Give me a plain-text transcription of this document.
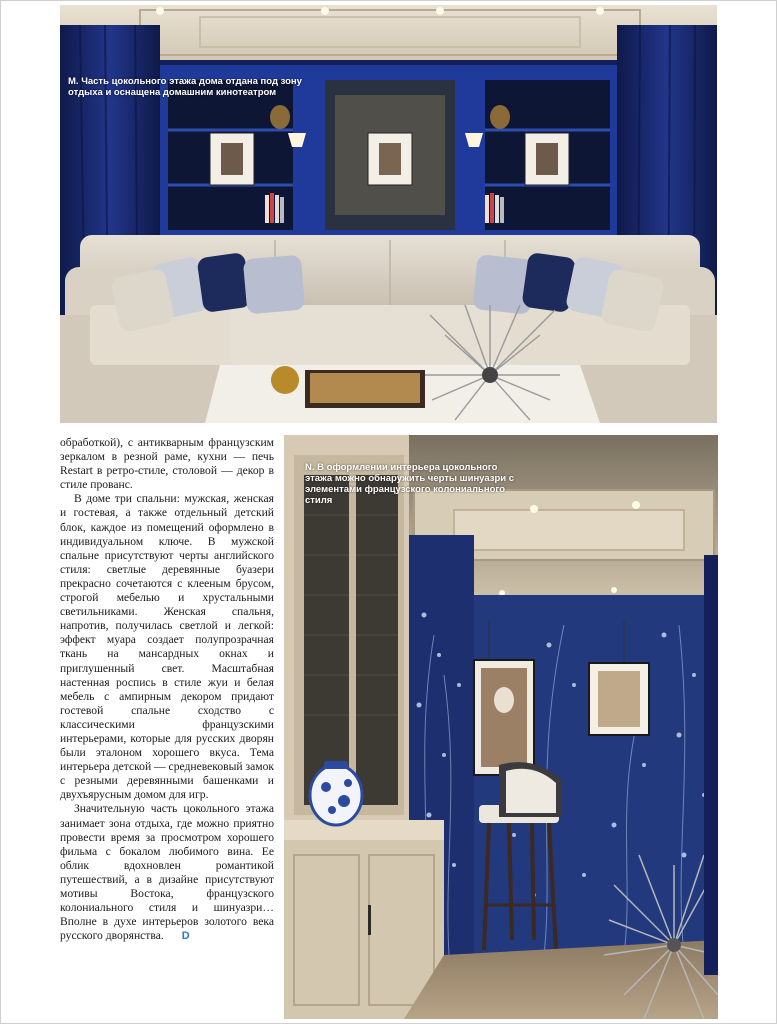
M. Часть цокольного этажа дома отдана под зону отдыха и оснащена домашним кинотеатром
N. В оформлении интерьера цокольного этажа можно обнаружить черты шинуазри с элементами французского колониального стиля

обработкой), с антикварным французским зеркалом в резной раме, кухни — печь Restart в ретро-стиле, столовой — декор в стиле прованс.

В доме три спальни: мужская, женская и гостевая, а также отдельный детский блок, каждое из помещений оформлено в индивидуальном ключе. В мужской спальне присутствуют черты английского стиля: светлые деревянные буазери прекрасно сочетаются с клееным брусом, строгой мебелью и хрустальными светильниками. Женская спальня, напротив, получилась светлой и легкой: эффект муара создает полупрозрачная ткань на мансардных окнах и приглушенный свет. Масштабная настенная роспись в стиле жуи и белая мебель с ампирным декором придают гостевой спальне сходство с классическими французскими интерьерами, которые для русских дворян были эталоном хорошего вкуса. Тема интерьера детской — средневековый замок с резными деревянными башенками и двухъярусным домом для игр.

Значительную часть цокольного этажа занимает зона отдыха, где можно приятно провести время за просмотром хорошего фильма с бокалом любимого вина. Ее облик вдохновлен романтикой путешествий, а в дизайне присутствуют мотивы Востока, французского колониального стиля и шинуазри… Вполне в духе интерьеров золотого века русского дворянства. D
